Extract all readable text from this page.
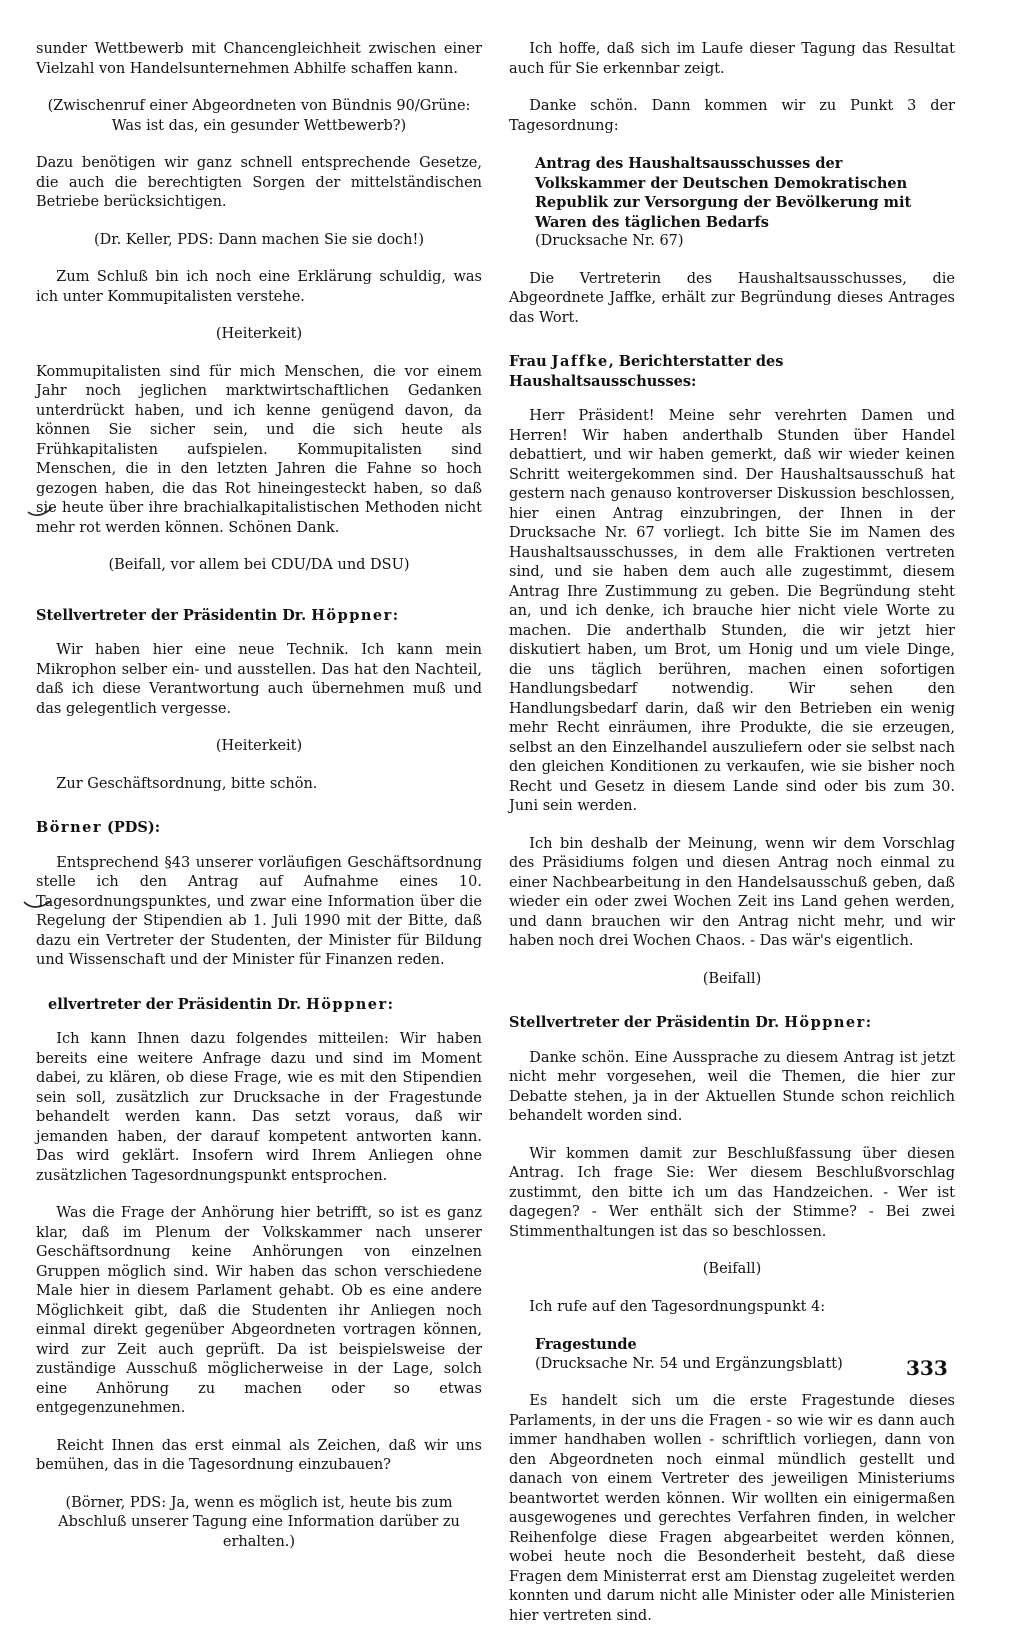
sunder Wettbewerb mit Chancengleichheit zwischen einer Vielzahl von Handelsunternehmen Abhilfe schaffen kann.

(Zwischenruf einer Abgeordneten von Bündnis 90/Grüne: Was ist das, ein gesunder Wettbewerb?)

Dazu benötigen wir ganz schnell entsprechende Gesetze, die auch die berechtigten Sorgen der mittelständischen Betriebe berücksichtigen.

(Dr. Keller, PDS: Dann machen Sie sie doch!)

Zum Schluß bin ich noch eine Erklärung schuldig, was ich unter Kommupitalisten verstehe.

(Heiterkeit)

Kommupitalisten sind für mich Menschen, die vor einem Jahr noch jeglichen marktwirtschaftlichen Gedanken unterdrückt haben, und ich kenne genügend davon, da können Sie sicher sein, und die sich heute als Frühkapitalisten aufspielen. Kommupitalisten sind Menschen, die in den letzten Jahren die Fahne so hoch gezogen haben, die das Rot hineingesteckt haben, so daß sie heute über ihre brachialkapitalistischen Methoden nicht mehr rot werden können. Schönen Dank.

(Beifall, vor allem bei CDU/DA und DSU)

Stellvertreter der Präsidentin Dr. Höppner:

Wir haben hier eine neue Technik. Ich kann mein Mikrophon selber ein- und ausstellen. Das hat den Nachteil, daß ich diese Verantwortung auch übernehmen muß und das gelegentlich vergesse.

(Heiterkeit)

Zur Geschäftsordnung, bitte schön.

Börner (PDS):

Entsprechend §43 unserer vorläufigen Geschäftsordnung stelle ich den Antrag auf Aufnahme eines 10. Tagesordnungspunktes, und zwar eine Information über die Regelung der Stipendien ab 1. Juli 1990 mit der Bitte, daß dazu ein Vertreter der Studenten, der Minister für Bildung und Wissenschaft und der Minister für Finanzen reden.

ellvertreter der Präsidentin Dr. Höppner:

Ich kann Ihnen dazu folgendes mitteilen: Wir haben bereits eine weitere Anfrage dazu und sind im Moment dabei, zu klären, ob diese Frage, wie es mit den Stipendien sein soll, zusätzlich zur Drucksache in der Fragestunde behandelt werden kann. Das setzt voraus, daß wir jemanden haben, der darauf kompetent antworten kann. Das wird geklärt. Insofern wird Ihrem Anliegen ohne zusätzlichen Tagesordnungspunkt entsprochen.

Was die Frage der Anhörung hier betrifft, so ist es ganz klar, daß im Plenum der Volkskammer nach unserer Geschäftsordnung keine Anhörungen von einzelnen Gruppen möglich sind. Wir haben das schon verschiedene Male hier in diesem Parlament gehabt. Ob es eine andere Möglichkeit gibt, daß die Studenten ihr Anliegen noch einmal direkt gegenüber Abgeordneten vortragen können, wird zur Zeit auch geprüft. Da ist beispielsweise der zuständige Ausschuß möglicherweise in der Lage, solch eine Anhörung zu machen oder so etwas entgegenzunehmen.

Reicht Ihnen das erst einmal als Zeichen, daß wir uns bemühen, das in die Tagesordnung einzubauen?

(Börner, PDS: Ja, wenn es möglich ist, heute bis zum Abschluß unserer Tagung eine Information darüber zu erhalten.)

Ich hoffe, daß sich im Laufe dieser Tagung das Resultat auch für Sie erkennbar zeigt.

Danke schön. Dann kommen wir zu Punkt 3 der Tagesordnung:

Antrag des Haushaltsausschusses der Volkskammer der Deutschen Demokratischen Republik zur Versorgung der Bevölkerung mit Waren des täglichen Bedarfs

(Drucksache Nr. 67)

Die Vertreterin des Haushaltsausschusses, die Abgeordnete Jaffke, erhält zur Begründung dieses Antrages das Wort.

Frau Jaffke, Berichterstatter des Haushaltsausschusses:

Herr Präsident! Meine sehr verehrten Damen und Herren! Wir haben anderthalb Stunden über Handel debattiert, und wir haben gemerkt, daß wir wieder keinen Schritt weitergekommen sind. Der Haushaltsausschuß hat gestern nach genauso kontroverser Diskussion beschlossen, hier einen Antrag einzubringen, der Ihnen in der Drucksache Nr. 67 vorliegt. Ich bitte Sie im Namen des Haushaltsausschusses, in dem alle Fraktionen vertreten sind, und sie haben dem auch alle zugestimmt, diesem Antrag Ihre Zustimmung zu geben. Die Begründung steht an, und ich denke, ich brauche hier nicht viele Worte zu machen. Die anderthalb Stunden, die wir jetzt hier diskutiert haben, um Brot, um Honig und um viele Dinge, die uns täglich berühren, machen einen sofortigen Handlungsbedarf notwendig. Wir sehen den Handlungsbedarf darin, daß wir den Betrieben ein wenig mehr Recht einräumen, ihre Produkte, die sie erzeugen, selbst an den Einzelhandel auszuliefern oder sie selbst nach den gleichen Konditionen zu verkaufen, wie sie bisher noch Recht und Gesetz in diesem Lande sind oder bis zum 30. Juni sein werden.

Ich bin deshalb der Meinung, wenn wir dem Vorschlag des Präsidiums folgen und diesen Antrag noch einmal zu einer Nachbearbeitung in den Handelsausschuß geben, daß wieder ein oder zwei Wochen Zeit ins Land gehen werden, und dann brauchen wir den Antrag nicht mehr, und wir haben noch drei Wochen Chaos. - Das wär's eigentlich.

(Beifall)

Stellvertreter der Präsidentin Dr. Höppner:

Danke schön. Eine Aussprache zu diesem Antrag ist jetzt nicht mehr vorgesehen, weil die Themen, die hier zur Debatte stehen, ja in der Aktuellen Stunde schon reichlich behandelt worden sind.

Wir kommen damit zur Beschlußfassung über diesen Antrag. Ich frage Sie: Wer diesem Beschlußvorschlag zustimmt, den bitte ich um das Handzeichen. - Wer ist dagegen? - Wer enthält sich der Stimme? - Bei zwei Stimmenthaltungen ist das so beschlossen.

(Beifall)

Ich rufe auf den Tagesordnungspunkt 4:

Fragestunde

(Drucksache Nr. 54 und Ergänzungsblatt)

Es handelt sich um die erste Fragestunde dieses Parlaments, in der uns die Fragen - so wie wir es dann auch immer handhaben wollen - schriftlich vorliegen, dann von den Abgeordneten noch einmal mündlich gestellt und danach von einem Vertreter des jeweiligen Ministeriums beantwortet werden können. Wir wollten ein einigermaßen ausgewogenes und gerechtes Verfahren finden, in welcher Reihenfolge diese Fragen abgearbeitet werden können, wobei heute noch die Besonderheit besteht, daß diese Fragen dem Ministerrat erst am Dienstag zugeleitet werden konnten und darum nicht alle Minister oder alle Ministerien hier vertreten sind.

333
